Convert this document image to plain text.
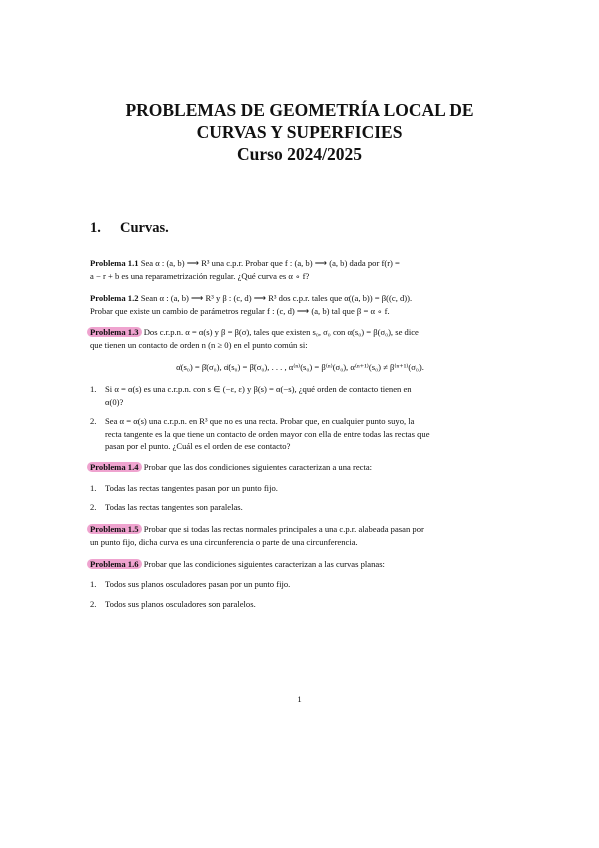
PROBLEMAS DE GEOMETRÍA LOCAL DE
CURVAS Y SUPERFICIES
Curso 2024/2025
1. Curvas.
Problema 1.1 Sea α : (a, b) ⟶ R³ una c.p.r. Probar que f : (a, b) ⟶ (a, b) dada por f(r) =
a − r + b es una reparametrización regular. ¿Qué curva es α ∘ f?
Problema 1.2 Sean α : (a, b) ⟶ R³ y β : (c, d) ⟶ R³ dos c.p.r. tales que α((a, b)) = β((c, d)).
Probar que existe un cambio de parámetros regular f : (c, d) ⟶ (a, b) tal que β = α ∘ f.
Problema 1.3 Dos c.r.p.n. α = α(s) y β = β(σ), tales que existen s₀, σ₀ con α(s₀) = β(σ₀), se dice
que tienen un contacto de orden n (n ≥ 0) en el punto común si:
α̇(s₀) = β̇(σ₀), α̈(s₀) = β̈(σ₀), . . . , α⁽ⁿ⁾(s₀) = β⁽ⁿ⁾(σ₀), α⁽ⁿ⁺¹⁾(s₀) ≠ β⁽ⁿ⁺¹⁾(σ₀).
1. Si α = α(s) es una c.r.p.n. con s ∈ (−ε, ε) y β(s) = α(−s), ¿qué orden de contacto tienen en
α(0)?
2. Sea α = α(s) una c.r.p.n. en R³ que no es una recta. Probar que, en cualquier punto suyo, la
recta tangente es la que tiene un contacto de orden mayor con ella de entre todas las rectas que
pasan por el punto. ¿Cuál es el orden de ese contacto?
Problema 1.4 Probar que las dos condiciones siguientes caracterizan a una recta:
1. Todas las rectas tangentes pasan por un punto fijo.
2. Todas las rectas tangentes son paralelas.
Problema 1.5 Probar que si todas las rectas normales principales a una c.p.r. alabeada pasan por
un punto fijo, dicha curva es una circunferencia o parte de una circunferencia.
Problema 1.6 Probar que las condiciones siguientes caracterizan a las curvas planas:
1. Todos sus planos osculadores pasan por un punto fijo.
2. Todos sus planos osculadores son paralelos.
1
